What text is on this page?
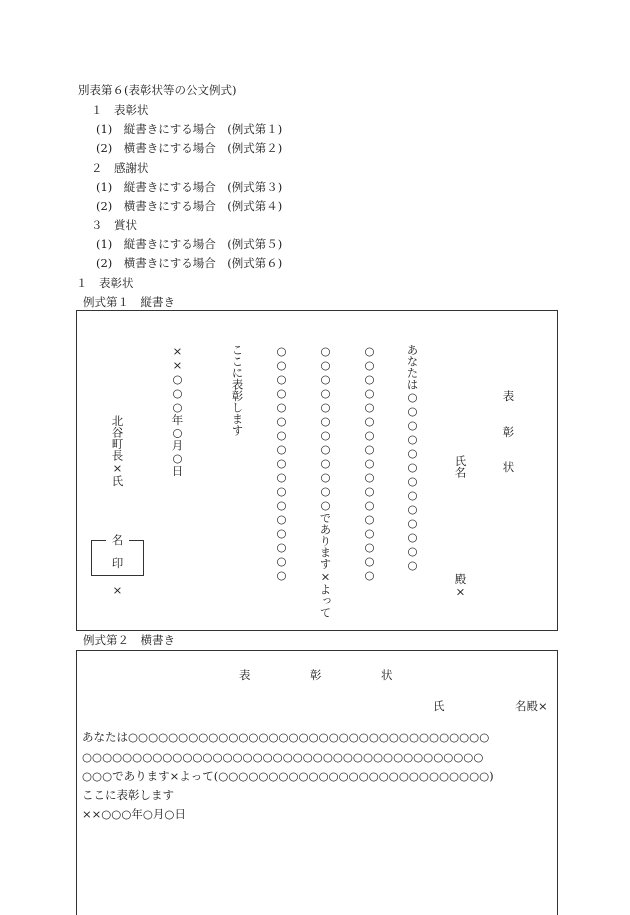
別表第６(表彰状等の公文例式)
１　表彰状
(1)　縦書きにする場合　(例式第１)
(2)　横書きにする場合　(例式第２)
２　感謝状
(1)　縦書きにする場合　(例式第３)
(2)　横書きにする場合　(例式第４)
３　賞状
(1)　縦書きにする場合　(例式第５)
(2)　横書きにする場合　(例式第６)
１　表彰状
例式第１　縦書き
表
彰
状
氏名
殿×
あなたは○○○○○○○○○○○○○
○○○○○○○○○○○○○○○○○
○○○○○○○○○○○○であります×よって
○○○○○○○○○○○○○○○○○
ここに表彰します
××○○○年○月○日
北谷町長×氏
名
印
×
例式第２　横書き
表	彰	状
氏	名殿×
あなたは○○○○○○○○○○○○○○○○○○○○○○○○○○○○○○○○○○○○
○○○○○○○○○○○○○○○○○○○○○○○○○○○○○○○○○○○○○○○○
○○○であります×よって(○○○○○○○○○○○○○○○○○○○○○○○○○○○)
ここに表彰します
××○○○年○月○日
